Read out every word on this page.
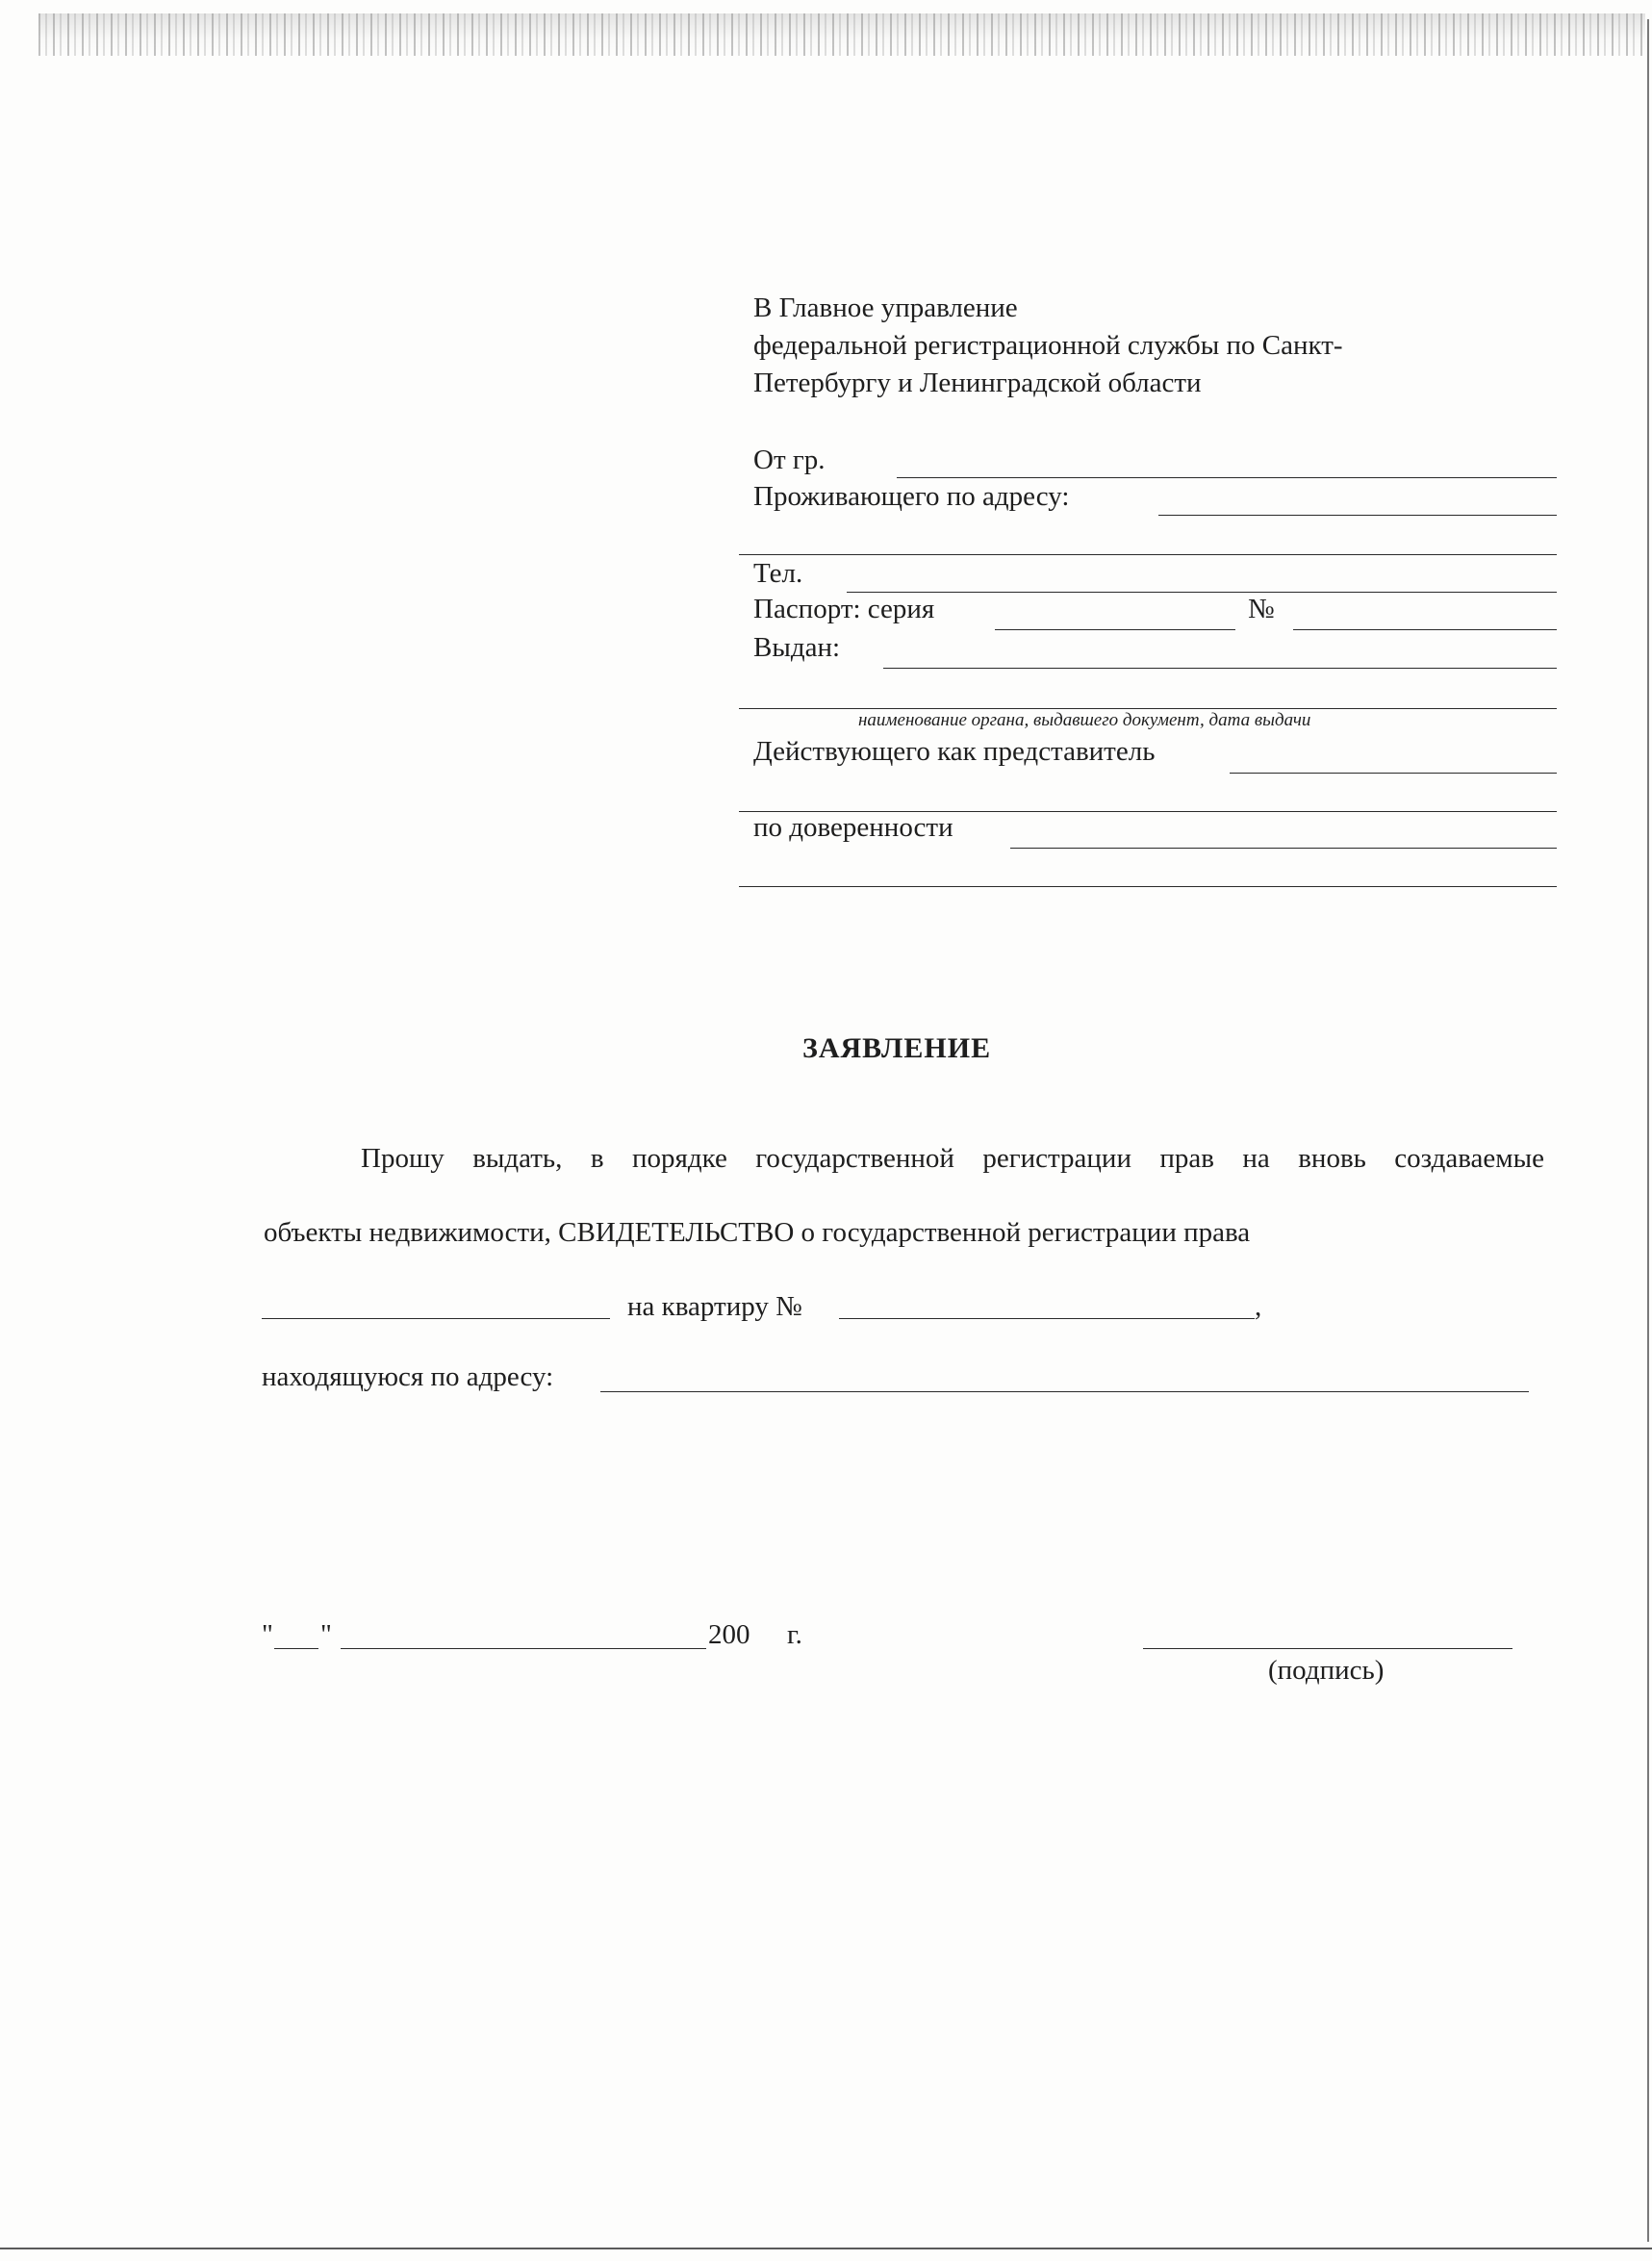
В Главное управление
федеральной регистрационной службы по Санкт-
Петербургу и Ленинградской области
От гр.
Проживающего по адресу:
Тел.
Паспорт: серия	№
Выдан:
наименование органа, выдавшего документ, дата выдачи
Действующего как представитель
по доверенности
ЗАЯВЛЕНИЕ
Прошу выдать, в порядке государственной регистрации прав на вновь создаваемые
объекты недвижимости, СВИДЕТЕЛЬСТВО о государственной регистрации права
на квартиру №	,
находящуюся по адресу:
" "	200 г.
(подпись)
